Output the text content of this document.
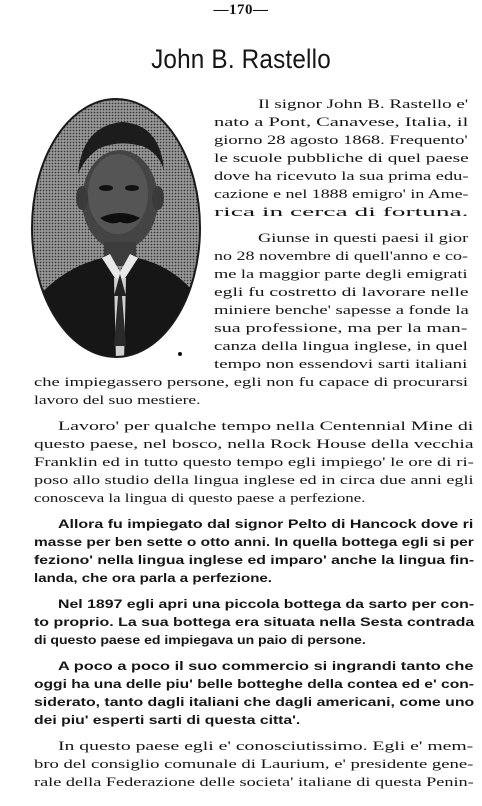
—170—
John B. Rastello
Il signor John B. Rastello e'
nato a Pont, Canavese, Italia, il
giorno 28 agosto 1868. Frequento'
le scuole pubbliche di quel paese
dove ha ricevuto la sua prima edu-
cazione e nel 1888 emigro' in Ame-
rica in cerca di fortuna.
Giunse in questi paesi il gior
no 28 novembre di quell'anno e co-
me la maggior parte degli emigrati
egli fu costretto di lavorare nelle
miniere benche' sapesse a fonde la
sua professione, ma per la man-
canza della lingua inglese, in quel
tempo non essendovi sarti italiani
che impiegassero persone, egli non fu capace di procurarsi
lavoro del suo mestiere.
Lavoro' per qualche tempo nella Centennial Mine di
questo paese, nel bosco, nella Rock House della vecchia
Franklin ed in tutto questo tempo egli impiego' le ore di ri-
poso allo studio della lingua inglese ed in circa due anni egli
conosceva la lingua di questo paese a perfezione.
Allora fu impiegato dal signor Pelto di Hancock dove ri
masse per ben sette o otto anni. In quella bottega egli si per
feziono' nella lingua inglese ed imparo' anche la lingua fin-
landa, che ora parla a perfezione.
Nel 1897 egli apri una piccola bottega da sarto per con-
to proprio. La sua bottega era situata nella Sesta contrada
di questo paese ed impiegava un paio di persone.
A poco a poco il suo commercio si ingrandi tanto che
oggi ha una delle piu' belle botteghe della contea ed e' con-
siderato, tanto dagli italiani che dagli americani, come uno
dei piu' esperti sarti di questa citta'.
In questo paese egli e' conosciutissimo. Egli e' mem-
bro del consiglio comunale di Laurium, e' presidente gene-
rale della Federazione delle societa' italiane di questa Penin-
